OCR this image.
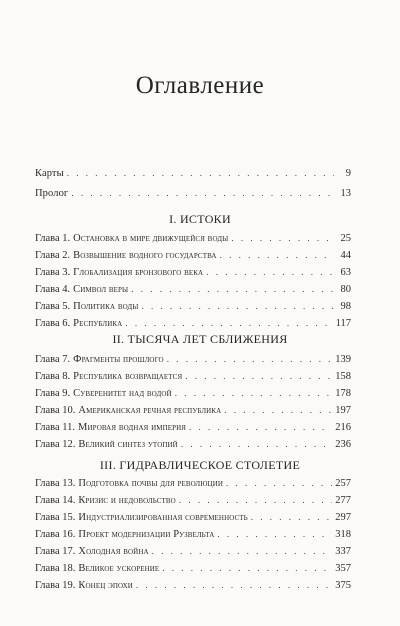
Оглавление
Карты . . .	9
Пролог . . .	13
I. ИСТОКИ
Глава 1. Остановка в мире движущейся воды . . .	25
Глава 2. Возвышение водного государства . . .	44
Глава 3. Глобализация бронзового века . . .	63
Глава 4. Символ веры . . .	80
Глава 5. Политика воды . . .	98
Глава 6. Республика . . .	117
II. ТЫСЯЧА ЛЕТ СБЛИЖЕНИЯ
Глава 7. Фрагменты прошлого . . .	139
Глава 8. Республика возвращается . . .	158
Глава 9. Суверенитет над водой . . .	178
Глава 10. Американская речная республика . . .	197
Глава 11. Мировая водная империя . . .	216
Глава 12. Великий синтез утопий . . .	236
III. ГИДРАВЛИЧЕСКОЕ СТОЛЕТИЕ
Глава 13. Подготовка почвы для революции . . .	257
Глава 14. Кризис и недовольство . . .	277
Глава 15. Индустриализированная современность . . .	297
Глава 16. Проект модернизации Рузвельта . . .	318
Глава 17. Холодная война . . .	337
Глава 18. Великое ускорение . . .	357
Глава 19. Конец эпохи . . .	375
